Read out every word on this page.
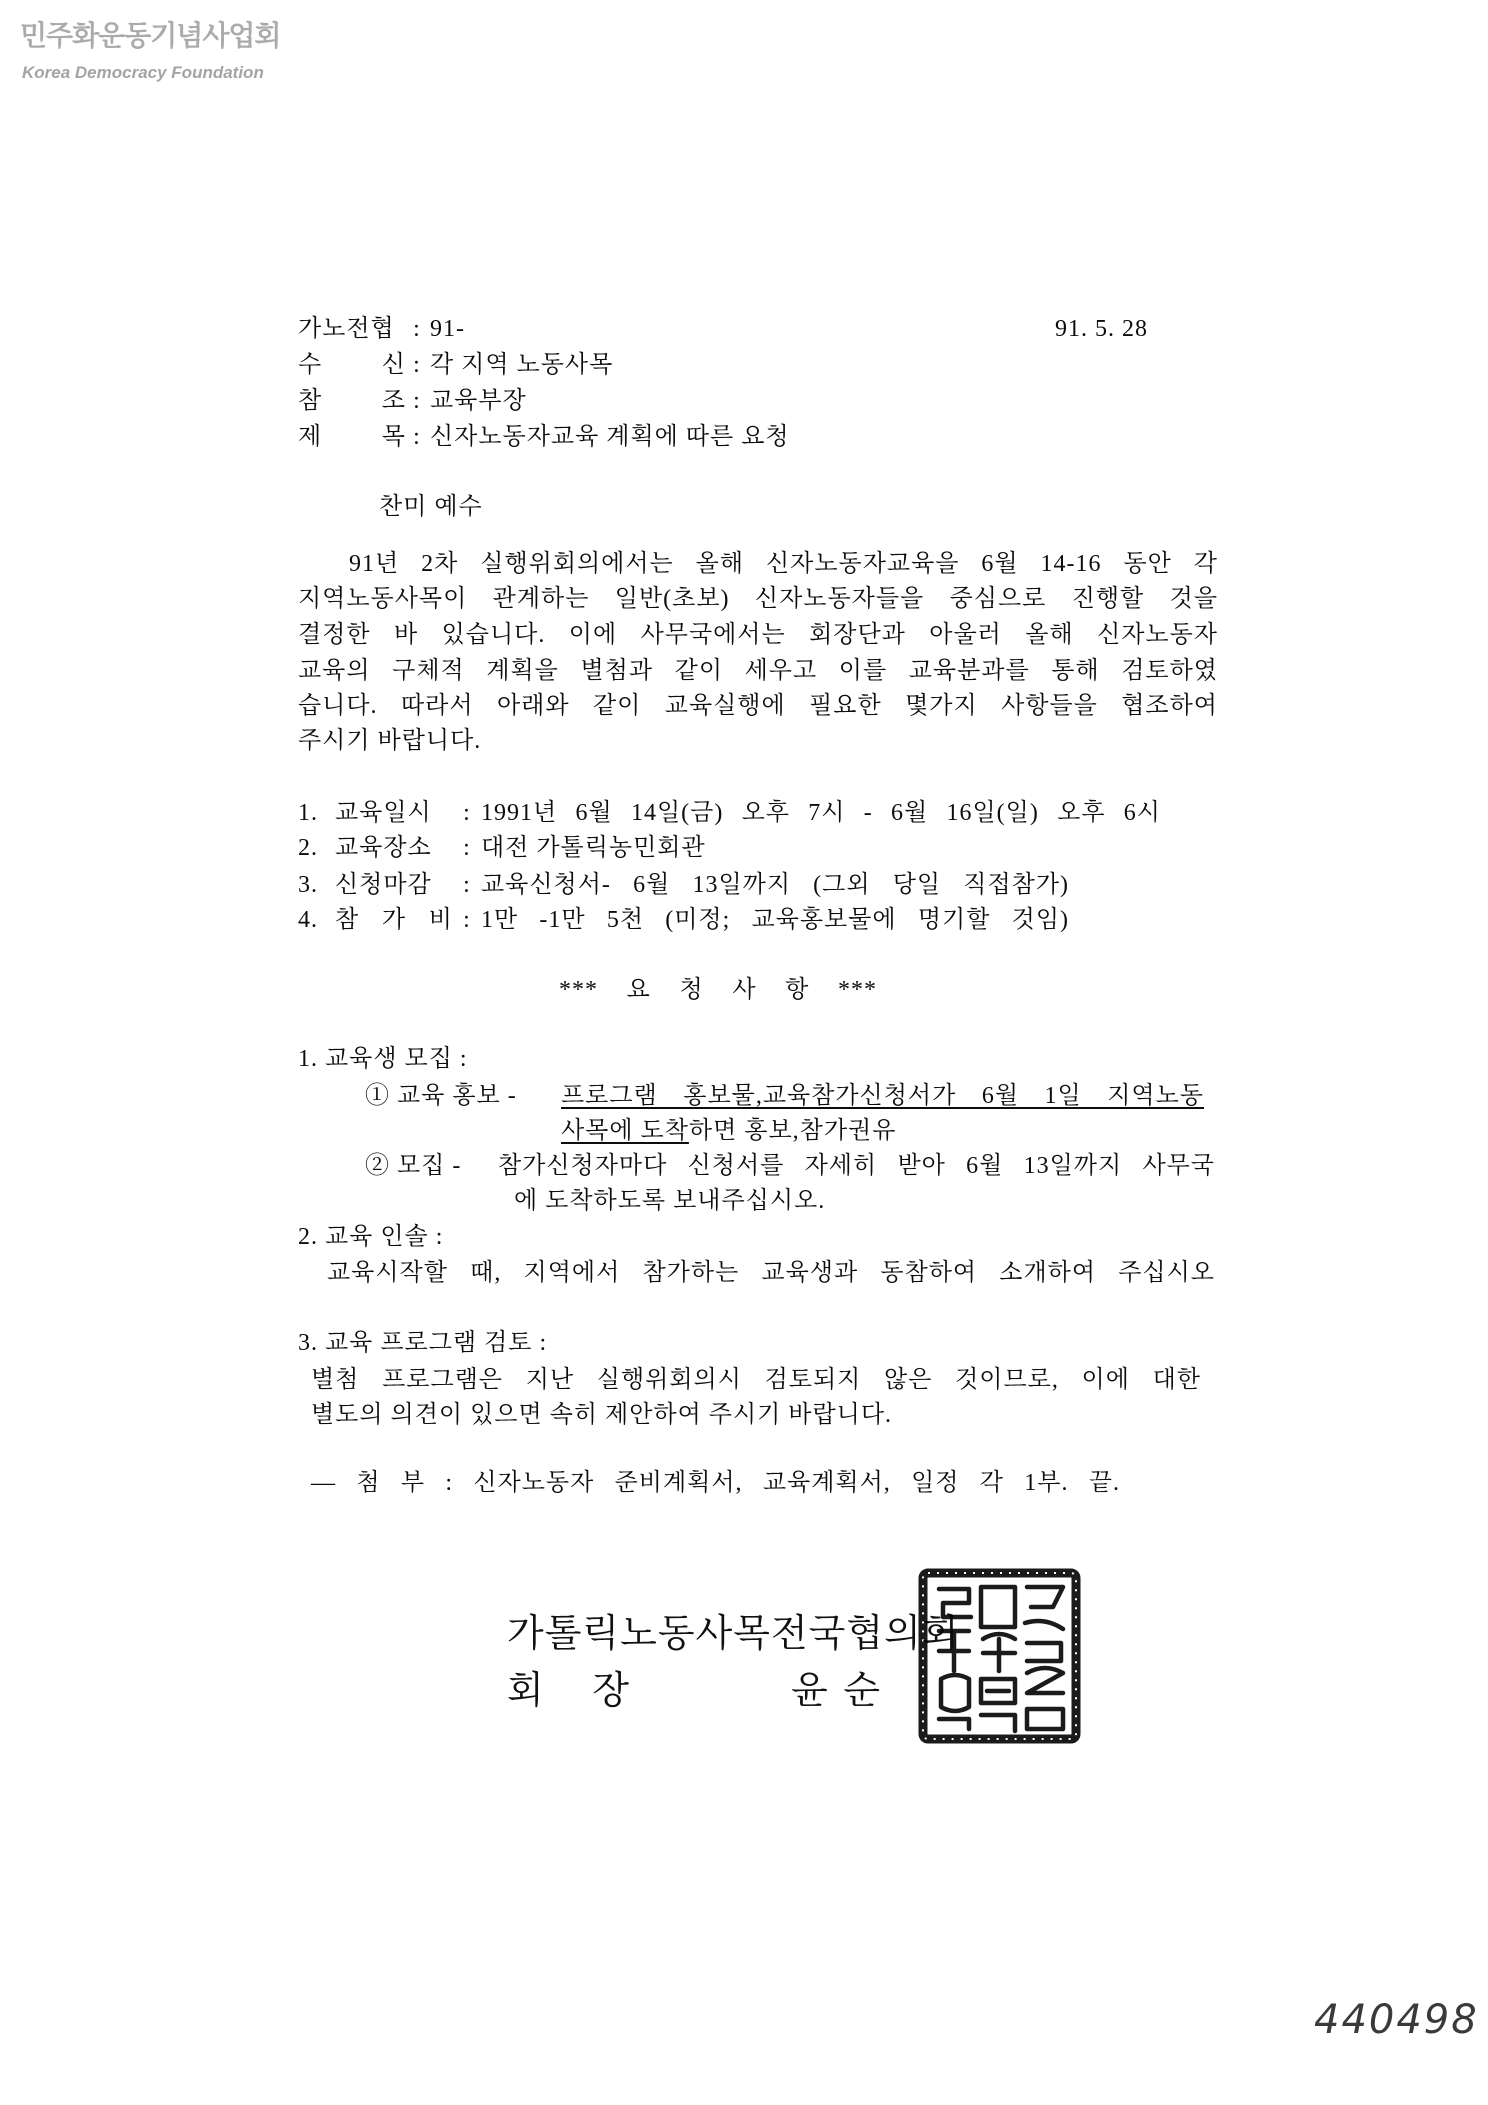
민주화운동기념사업회
Korea Democracy Foundation
가노전협 : 91-	91. 5. 28
수 신 : 각 지역 노동사목
참 조 : 교육부장
제 목 : 신자노동자교육 계획에 따른 요청
찬미 예수
91년 2차 실행위회의에서는 올해 신자노동자교육을 6월 14-16 동안 각
지역노동사목이 관계하는 일반(초보) 신자노동자들을 중심으로 진행할 것을
결정한 바 있습니다. 이에 사무국에서는 회장단과 아울러 올해 신자노동자
교육의 구체적 계획을 별첨과 같이 세우고 이를 교육분과를 통해 검토하였
습니다. 따라서 아래와 같이 교육실행에 필요한 몇가지 사항들을 협조하여
주시기 바랍니다.
1. 교육일시	: 1991년 6월 14일(금) 오후 7시 - 6월 16일(일) 오후 6시
2. 교육장소	: 대전 가톨릭농민회관
3. 신청마감	: 교육신청서- 6월 13일까지 (그외 당일 직접참가)
4. 참 가 비 : 1만 -1만 5천 (미정; 교육홍보물에 명기할 것임)
*** 요 청 사 항 ***
1. 교육생 모집 :
① 교육 홍보 - 프로그램 홍보물,교육참가신청서가 6월 1일 지역노동
사목에 도착 하면 홍보,참가권유
② 모집 - 참가신청자마다 신청서를 자세히 받아 6월 13일까지 사무국
에 도착하도록 보내주십시오.
2. 교육 인솔 :
교육시작할 때, 지역에서 참가하는 교육생과 동참하여 소개하여 주십시오
3. 교육 프로그램 검토 :
별첨 프로그램은 지난 실행위회의시 검토되지 않은 것이므로, 이에 대한
별도의 의견이 있으면 속히 제안하여 주시기 바랍니다.
— 첨 부 : 신자노동자 준비계획서, 교육계획서, 일정 각 1부. 끝.
가톨릭노동사목전국협의회
회 장	윤 순
440498
